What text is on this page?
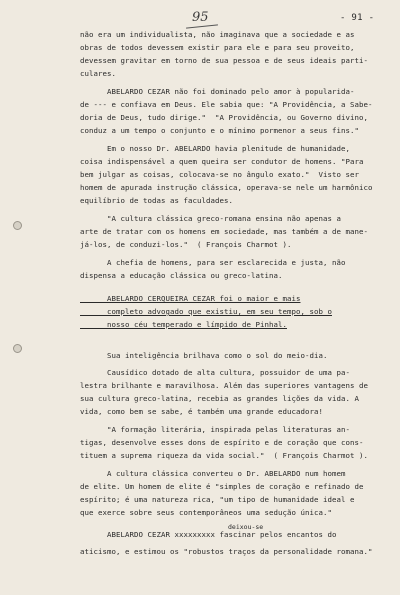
95	- 91 -
não era um individualista, não imaginava que a sociedade e as
obras de todos devessem existir para ele e para seu proveito,
devessem gravitar em torno de sua pessoa e de seus ideais parti-
culares.
ABELARDO CEZAR não foi dominado pelo amor à popularida-
de --- e confiava em Deus. Ele sabia que: "A Providência, a Sabe-
doria de Deus, tudo dirige."  "A Providência, ou Governo divino,
conduz a um tempo o conjunto e o mínimo pormenor a seus fins."
Em o nosso Dr. ABELARDO havia plenitude de humanidade,
coisa indispensável a quem queira ser condutor de homens. "Para
bem julgar as coisas, colocava-se no ângulo exato."  Visto ser
homem de apurada instrução clássica, operava-se nele um harmônico
equilíbrio de todas as faculdades.
"A cultura clássica greco-romana ensina não apenas a
arte de tratar com os homens em sociedade, mas também a de mane-
já-los, de conduzi-los."  ( François Charmot ).
A chefia de homens, para ser esclarecida e justa, não
dispensa a educação clássica ou greco-latina.
ABELARDO CERQUEIRA CEZAR foi o maior e mais
completo advogado que existiu, em seu tempo, sob o
nosso céu temperado e límpido de Pinhal.
Sua inteligência brilhava como o sol do meio-dia.
Causídico dotado de alta cultura, possuidor de uma pa-
lestra brilhante e maravilhosa. Além das superiores vantagens de
sua cultura greco-latina, recebia as grandes lições da vida. A
vida, como bem se sabe, é também uma grande educadora!
"A formação literária, inspirada pelas literaturas an-
tigas, desenvolve esses dons de espírito e de coração que cons-
tituem a suprema riqueza da vida social."  ( François Charmot ).
A cultura clássica converteu o Dr. ABELARDO num homem
de elite. Um homem de elite é "simples de coração e refinado de
espírito; é uma natureza rica, "um tipo de humanidade ideal e
que exerce sobre seus contemporâneos uma sedução única."
deixou-se
ABELARDO CEZAR xxxxxxxxx fascinar pelos encantos do
aticismo, e estimou os "robustos traços da personalidade romana."
